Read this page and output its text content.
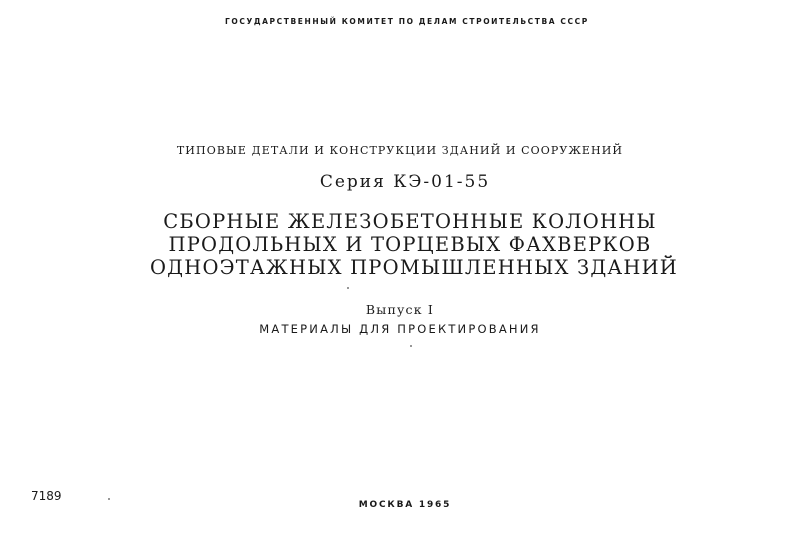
ГОСУДАРСТВЕННЫЙ КОМИТЕТ ПО ДЕЛАМ СТРОИТЕЛЬСТВА СССР
ТИПОВЫЕ ДЕТАЛИ И КОНСТРУКЦИИ ЗДАНИЙ И СООРУЖЕНИЙ
Серия КЭ-01-55
СБОРНЫЕ ЖЕЛЕЗОБЕТОННЫЕ КОЛОННЫ
ПРОДОЛЬНЫХ И ТОРЦЕВЫХ ФАХВЕРКОВ
ОДНОЭТАЖНЫХ ПРОМЫШЛЕННЫХ ЗДАНИЙ
Выпуск I
МАТЕРИАЛЫ ДЛЯ ПРОЕКТИРОВАНИЯ
7189
МОСКВА 1965
